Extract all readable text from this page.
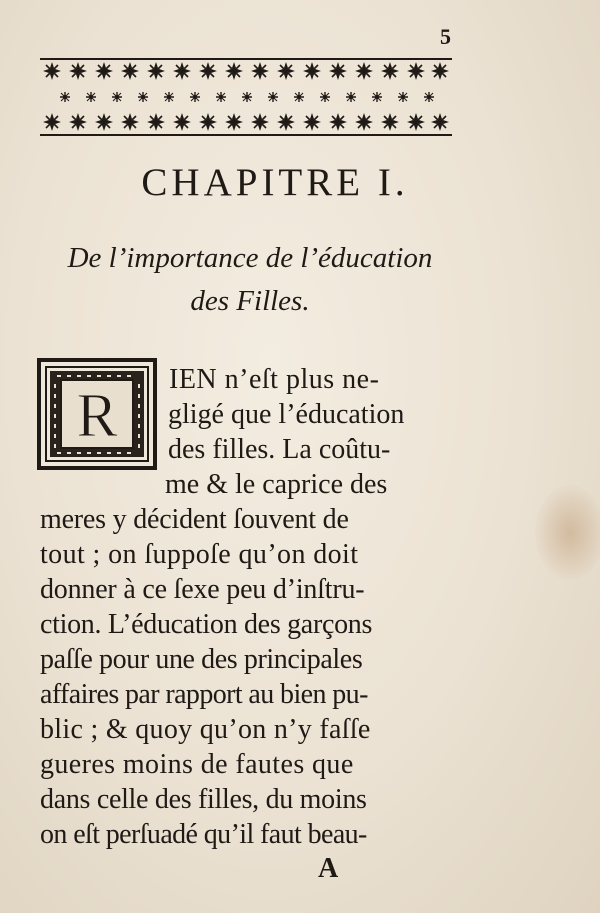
5
CHAPITRE I.
De l’importance de l’éducation
des Filles.
R
IEN n’eſt plus ne-
gligé que l’éducation
des filles. La coûtu-
me & le caprice des
meres y décident ſouvent de
tout ; on ſuppoſe qu’on doit
donner à ce ſexe peu d’inſtru-
ction. L’éducation des garçons
paſſe pour une des principales
affaires par rapport au bien pu-
blic ; & quoy qu’on n’y faſſe
gueres moins de fautes que
dans celle des filles, du moins
on eſt perſuadé qu’il faut beau-
A
